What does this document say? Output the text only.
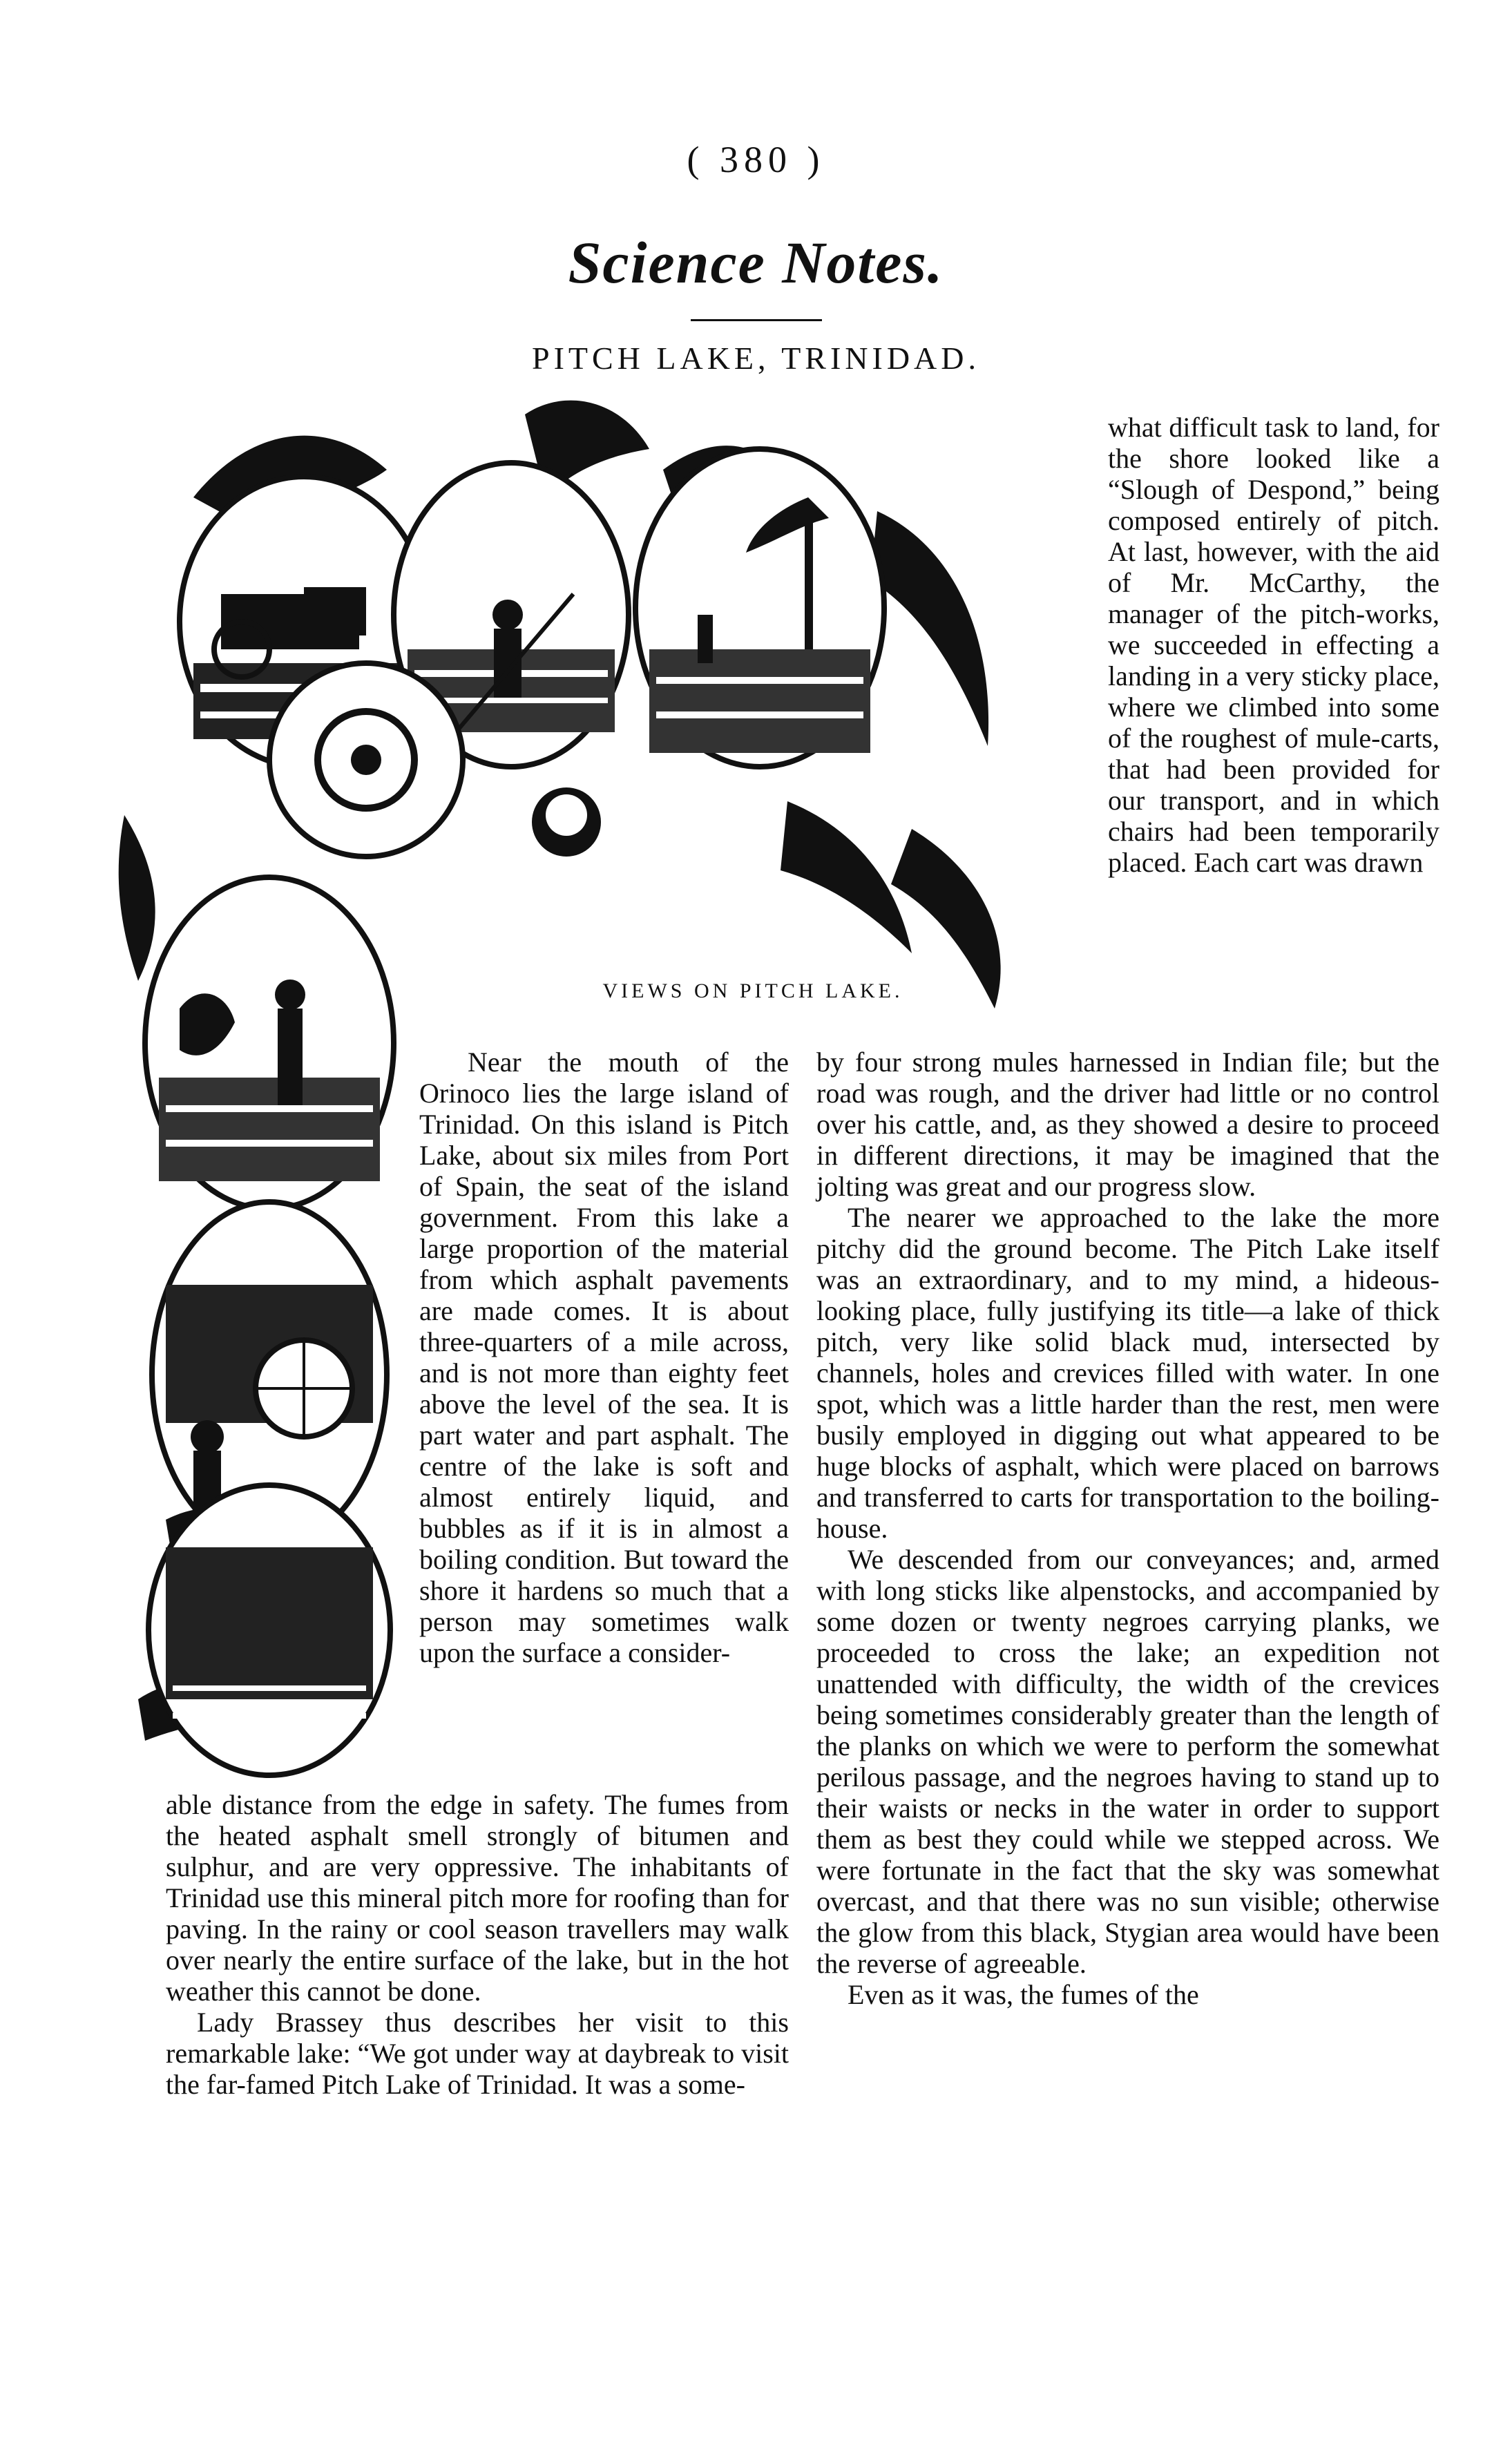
( 380 )
Science Notes.
PITCH LAKE, TRINIDAD.
VIEWS ON PITCH LAKE.

what difficult task to land, for the shore looked like a “Slough of Despond,” being composed entirely of pitch. At last, however, with the aid of Mr. McCarthy, the manager of the pitch-works, we succeeded in effecting a landing in a very sticky place, where we climbed into some of the roughest of mule-carts, that had been provided for our transport, and in which chairs had been temporarily placed. Each cart was drawn

Near the mouth of the Orinoco lies the large island of Trinidad. On this island is Pitch Lake, about six miles from Port of Spain, the seat of the island government. From this lake a large proportion of the material from which asphalt pavements are made comes. It is about three-quarters of a mile across, and is not more than eighty feet above the level of the sea. It is part water and part asphalt. The centre of the lake is soft and almost entirely liquid, and bubbles as if it is in almost a boiling condition. But toward the shore it hardens so much that a person may sometimes walk upon the surface a consider-

able distance from the edge in safety. The fumes from the heated asphalt smell strongly of bitumen and sulphur, and are very oppressive. The inhabitants of Trinidad use this mineral pitch more for roofing than for paving. In the rainy or cool season travellers may walk over nearly the entire surface of the lake, but in the hot weather this cannot be done.

Lady Brassey thus describes her visit to this remarkable lake: “We got under way at daybreak to visit the far-famed Pitch Lake of Trinidad. It was a some-

by four strong mules harnessed in Indian file; but the road was rough, and the driver had little or no control over his cattle, and, as they showed a desire to proceed in different directions, it may be imagined that the jolting was great and our progress slow.

The nearer we approached to the lake the more pitchy did the ground become. The Pitch Lake itself was an extraordinary, and to my mind, a hideous-looking place, fully justifying its title—a lake of thick pitch, very like solid black mud, intersected by channels, holes and crevices filled with water. In one spot, which was a little harder than the rest, men were busily employed in digging out what appeared to be huge blocks of asphalt, which were placed on barrows and transferred to carts for transportation to the boiling-house.

We descended from our conveyances; and, armed with long sticks like alpenstocks, and accompanied by some dozen or twenty negroes carrying planks, we proceeded to cross the lake; an expedition not unattended with difficulty, the width of the crevices being sometimes considerably greater than the length of the planks on which we were to perform the somewhat perilous passage, and the negroes having to stand up to their waists or necks in the water in order to support them as best they could while we stepped across. We were fortunate in the fact that the sky was somewhat overcast, and that there was no sun visible; otherwise the glow from this black, Stygian area would have been the reverse of agreeable.

Even as it was, the fumes of the
